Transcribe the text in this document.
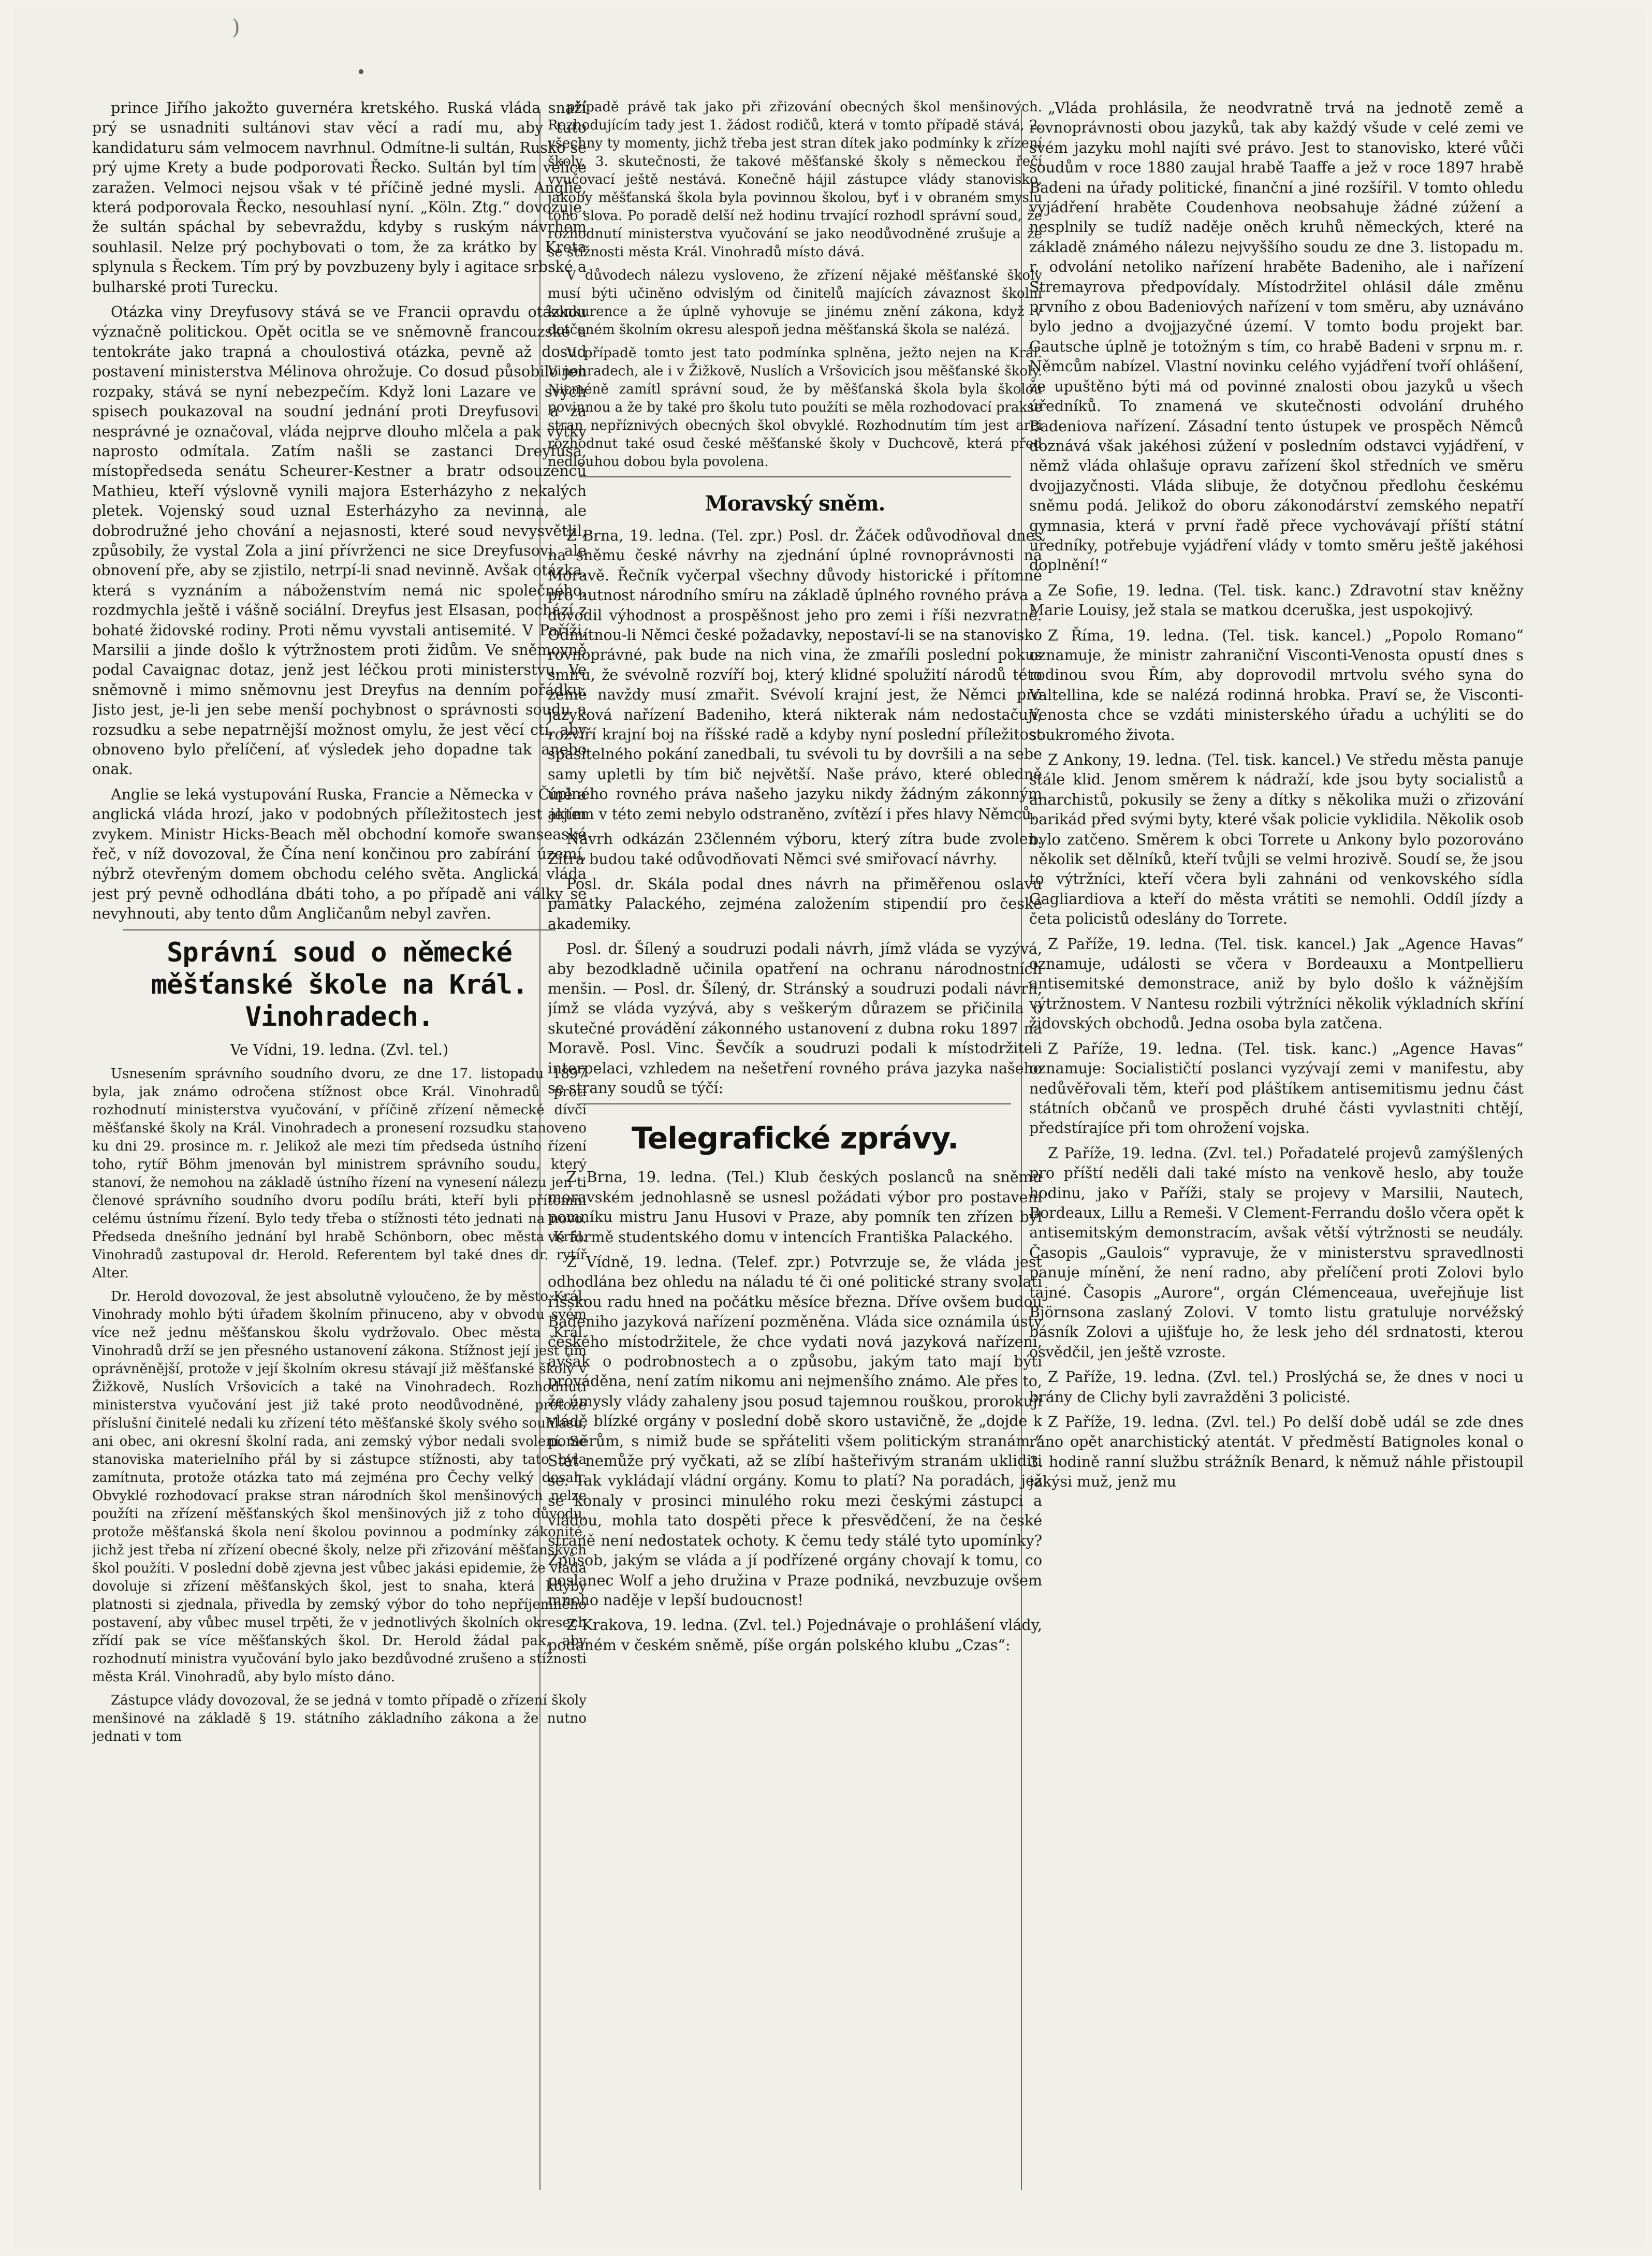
)
•

prince Jiřího jakožto guvernéra kretského. Ruská vláda snaží prý se usnadniti sultánovi stav věcí a radí mu, aby tuto kandidaturu sám velmocem navrhnul. Odmítne-li sultán, Rusko se prý ujme Krety a bude podporovati Řecko. Sultán byl tím velice zaražen. Velmoci nejsou však v té příčině jedné mysli. Anglie, která podporovala Řecko, nesouhlasí nyní. „Köln. Ztg.“ dovozuje, že sultán spáchal by sebevraždu, kdyby s ruským návrhem souhlasil. Nelze prý pochybovati o tom, že za krátko by Kreta splynula s Řeckem. Tím prý by povzbuzeny byly i agitace srbské a bulharské proti Turecku.

Otázka viny Dreyfusovy stává se ve Francii opravdu otázkou význačně politickou. Opět ocitla se ve sněmovně francouzské a tentokráte jako trapná a choulostivá otázka, pevně až dosud postavení ministerstva Mélinova ohrožuje. Co dosud působilo jen rozpaky, stává se nyní nebezpečím. Když loni Lazare ve svých spisech poukazoval na soudní jednání proti Dreyfusovi a za nesprávné je označoval, vláda nejprve dlouho mlčela a pak výtky naprosto odmítala. Zatím našli se zastanci Dreyfusa, místopředseda senátu Scheurer-Kestner a bratr odsouzenců Mathieu, kteří výslovně vynili majora Esterházyho z nekalých pletek. Vojenský soud uznal Esterházyho za nevinna, ale dobrodružné jeho chování a nejasnosti, které soud nevysvětlil, způsobily, že vystal Zola a jiní přívrženci ne sice Dreyfusovi, ale obnovení pře, aby se zjistilo, netrpí-li snad nevinně. Avšak otázka, která s vyznáním a náboženstvím nemá nic společného, rozdmychla ještě i vášně sociální. Dreyfus jest Elsasan, pochází z bohaté židovské rodiny. Proti němu vyvstali antisemité. V Paříži, Marsilii a jinde došlo k výtržnostem proti židům. Ve sněmovně podal Cavaignac dotaz, jenž jest léčkou proti ministerstvu. Ve sněmovně i mimo sněmovnu jest Dreyfus na denním pořádku. Jisto jest, je-li jen sebe menší pochybnost o správnosti soudu a rozsudku a sebe nepatrnější možnost omylu, že jest věcí ctí, aby obnoveno bylo přelíčení, ať výsledek jeho dopadne tak anebo onak.

Anglie se leká vystupování Ruska, Francie a Německa v Číně a anglická vláda hrozí, jako v podobných příležitostech jest jejím zvykem. Ministr Hicks-Beach měl obchodní komoře swanseaské řeč, v níž dovozoval, že Čína není končinou pro zabírání území, nýbrž otevřeným domem obchodu celého světa. Anglická vláda jest prý pevně odhodlána dbáti toho, a po případě ani války se nevyhnouti, aby tento dům Angličanům nebyl zavřen.

Správní soud o německé měšťanské škole na Král. Vinohradech.
Ve Vídni, 19. ledna. (Zvl. tel.)

Usnesením správního soudního dvoru, ze dne 17. listopadu 1897 byla, jak známo odročena stížnost obce Král. Vinohradů proti rozhodnutí ministerstva vyučování, v příčině zřízení německé dívčí měšťanské školy na Král. Vinohradech a pronesení rozsudku stanoveno ku dni 29. prosince m. r. Jelikož ale mezi tím předseda ústního řízení toho, rytíř Böhm jmenován byl ministrem správního soudu, který stanoví, že nemohou na základě ústního řízení na vynesení nálezu jen ti členové správního soudního dvoru podílu bráti, kteří byli přítomni celému ústnímu řízení. Bylo tedy třeba o stížnosti této jednati na novo. Předseda dnešního jednání byl hrabě Schönborn, obec města Král. Vinohradů zastupoval dr. Herold. Referentem byl také dnes dr. rytíř Alter.

Dr. Herold dovozoval, že jest absolutně vyloučeno, že by město Král. Vinohrady mohlo býti úřadem školním přinuceno, aby v obvodu svém více než jednu měšťanskou školu vydržovalo. Obec města Král. Vinohradů drží se jen přesného ustanovení zákona. Stížnost její jest tím oprávněnější, protože v její školním okresu stávají již měšťanské školy v Žižkově, Nuslích Vršovicích a také na Vinohradech. Rozhodnutí ministerstva vyučování jest již také proto neodůvodněné, protože příslušní činitelé nedali ku zřízení této měšťanské školy svého souhlasu, ani obec, ani okresní školní rada, ani zemský výbor nedali svolení. Se stanoviska materielního přál by si zástupce stížnosti, aby tato byla zamítnuta, protože otázka tato má zejména pro Čechy velký dosah. Obvyklé rozhodovací prakse stran národních škol menšinových nelze použíti na zřízení měšťanských škol menšinových již z toho důvodu, protože měšťanská škola není školou povinnou a podmínky zákonité, jichž jest třeba ní zřízení obecné školy, nelze při zřizování měšťanských škol použíti. V poslední době zjevna jest vůbec jakási epidemie, že vláda dovoluje si zřízení měšťanských škol, jest to snaha, která kdyby platnosti si zjednala, přivedla by zemský výbor do toho nepříjemného postavení, aby vůbec musel trpěti, že v jednotlivých školních okresech zřídí pak se více měšťanských škol. Dr. Herold žádal pak, aby rozhodnutí ministra vyučování bylo jako bezdůvodné zrušeno a stížnosti města Král. Vinohradů, aby bylo místo dáno.

Zástupce vlády dovozoval, že se jedná v tomto případě o zřízení školy menšinové na základě § 19. státního základního zákona a že nutno jednati v tom

případě právě tak jako při zřizování obecných škol menšinových. Rozhodujícím tady jest 1. žádost rodičů, která v tomto případě stává, 2. všechny ty momenty, jichž třeba jest stran dítek jako podmínky k zřízení školy, 3. skutečnosti, že takové měšťanské školy s německou řečí vyučovací ještě nestává. Konečně hájil zástupce vlády stanovisko, jakoby měšťanská škola byla povinnou školou, byť i v obraném smyslu toho slova. Po poradě delší než hodinu trvající rozhodl správní soud, že rozhodnutí ministerstva vyučování se jako neodůvodněné zrušuje a že se stížnosti města Král. Vinohradů místo dává.

V důvodech nálezu vysloveno, že zřízení nějaké měšťanské školy musí býti učiněno odvislým od činitelů majících závaznost školní konkurence a že úplně vyhovuje se jinému znění zákona, když v dotčeném školním okresu alespoň jedna měšťanská škola se nalézá.

V případě tomto jest tato podmínka splněna, ježto nejen na Král. Vinohradech, ale i v Žižkově, Nuslích a Vršovicích jsou měšťanské školy. Nicméně zamítl správní soud, že by měšťanská škola byla školou povinnou a že by také pro školu tuto použíti se měla rozhodovací prakse stran nepříznivých obecných škol obvyklé. Rozhodnutím tím jest arci rozhodnut také osud české měšťanské školy v Duchcově, která před nedlouhou dobou byla povolena.

Moravský sněm.

Z Brna, 19. ledna. (Tel. zpr.) Posl. dr. Žáček odůvodňoval dnes na sněmu české návrhy na zjednání úplné rovnoprávnosti na Moravě. Řečník vyčerpal všechny důvody historické i přítomné pro nutnost národního smíru na základě úplného rovného práva a dovodil výhodnost a prospěšnost jeho pro zemi i říši nezvratně. Odmítnou-li Němci české požadavky, nepostaví-li se na stanovisko rovnoprávné, pak bude na nich vina, že zmaříli poslední pokus smíru, že svévolně rozvíří boj, který klidné spolužití národů této země navždy musí zmařit. Svévolí krajní jest, že Němci pro jazyková nařízení Badeniho, která nikterak nám nedostačují, rozvíří krajní boj na říšské radě a kdyby nyní poslední příležitost spasitelného pokání zanedbali, tu svévoli tu by dovršili a na sebe samy upletli by tím bič největší. Naše právo, které obledně úplného rovného práva našeho jazyku nikdy žádným zákonným aktem v této zemi nebylo odstraněno, zvítězí i přes hlavy Němců.

Návrh odkázán 23členném výboru, který zítra bude zvolen. Zítra budou také odůvodňovati Němci své smiřovací návrhy.

Posl. dr. Skála podal dnes návrh na přiměřenou oslavu památky Palackého, zejména založením stipendií pro české akademiky.

Posl. dr. Šílený a soudruzi podali návrh, jímž vláda se vyzývá, aby bezodkladně učinila opatření na ochranu národnostních menšin. — Posl. dr. Šílený, dr. Stránský a soudruzi podali návrh, jímž se vláda vyzývá, aby s veškerým důrazem se přičinila o skutečné provádění zákonného ustanovení z dubna roku 1897 na Moravě. Posl. Vinc. Ševčík a soudruzi podali k místodržiteli interpelaci, vzhledem na nešetření rovného práva jazyka našeho se strany soudů se týčí:

Telegrafické zprávy.

Z Brna, 19. ledna. (Tel.) Klub českých poslanců na sněmu moravském jednohlasně se usnesl požádati výbor pro postavení pomníku mistru Janu Husovi v Praze, aby pomník ten zřízen byl ve formě studentského domu v intencích Františka Palackého.

Z Vídně, 19. ledna. (Telef. zpr.) Potvrzuje se, že vláda jest odhodlána bez ohledu na náladu té či oné politické strany svolati říšskou radu hned na počátku měsíce března. Dříve ovšem budou Badeniho jazyková nařízení pozměněna. Vláda sice oznámila ústy českého místodržitele, že chce vydati nová jazyková nařízení, avšak o podrobnostech a o způsobu, jakým tato mají býti prováděna, není zatím nikomu ani nejmenšího známo. Ale přes to, že úmysly vlády zahaleny jsou posud tajemnou rouškou, prorokují vládě blízké orgány v poslední době skoro ustavičně, že „dojde k pomĕrům, s nimiž bude se spřáteliti všem politickým stranám.“ Stát nemůže prý vyčkati, až se zlíbí hašteřivým stranám ukliditi se. Tak vykládají vládní orgány. Komu to platí? Na poradách, jež se konaly v prosinci minulého roku mezi českými zástupci a vládou, mohla tato dospěti přece k přesvědčení, že na české straně není nedostatek ochoty. K čemu tedy stálé tyto upomínky? Způsob, jakým se vláda a jí podřízené orgány chovají k tomu, co poslanec Wolf a jeho družina v Praze podniká, nevzbuzuje ovšem mnoho naděje v lepší budoucnost!

Z Krakova, 19. ledna. (Zvl. tel.) Pojednávaje o prohlášení vlády, podaném v českém sněmě, píše orgán polského klubu „Czas“:

„Vláda prohlásila, že neodvratně trvá na jednotě země a rovnoprávnosti obou jazyků, tak aby každý všude v celé zemi ve svém jazyku mohl najíti své právo. Jest to stanovisko, které vůči soudům v roce 1880 zaujal hrabě Taaffe a jež v roce 1897 hrabě Badeni na úřady politické, finanční a jiné rozšířil. V tomto ohledu vyjádření hraběte Coudenhova neobsahuje žádné zúžení a nesplnily se tudíž naděje oněch kruhů německých, které na základě známého nálezu nejvyššího soudu ze dne 3. listopadu m. r. odvolání netoliko nařízení hraběte Badeniho, ale i nařízení Stremayrova předpovídaly. Místodržitel ohlásil dále změnu prvního z obou Badeniových nařízení v tom směru, aby uznáváno bylo jedno a dvojjazyčné území. V tomto bodu projekt bar. Gautsche úplně je totožným s tím, co hrabě Badeni v srpnu m. r. Němcům nabízel. Vlastní novinku celého vyjádření tvoří ohlášení, že upuštěno býti má od povinné znalosti obou jazyků u všech úředníků. To znamená ve skutečnosti odvolání druhého Badeniova nařízení. Zásadní tento ústupek ve prospěch Němců doznává však jakéhosi zúžení v posledním odstavci vyjádření, v němž vláda ohlašuje opravu zařízení škol středních ve směru dvojjazyčnosti. Vláda slibuje, že dotyčnou předlohu českému sněmu podá. Jelikož do oboru zákonodárství zemského nepatří gymnasia, která v první řadě přece vychovávají příští státní úředníky, potřebuje vyjádření vlády v tomto směru ještě jakéhosi doplnění!“

Ze Sofie, 19. ledna. (Tel. tisk. kanc.) Zdravotní stav kněžny Marie Louisy, jež stala se matkou dceruška, jest uspokojivý.

Z Říma, 19. ledna. (Tel. tisk. kancel.) „Popolo Romano“ oznamuje, že ministr zahraniční Visconti-Venosta opustí dnes s rodinou svou Řím, aby doprovodil mrtvolu svého syna do Valtellina, kde se nalézá rodinná hrobka. Praví se, že Visconti-Venosta chce se vzdáti ministerského úřadu a uchýliti se do soukromého života.

Z Ankony, 19. ledna. (Tel. tisk. kancel.) Ve středu města panuje stále klid. Jenom směrem k nádraží, kde jsou byty socialistů a anarchistů, pokusily se ženy a dítky s několika muži o zřizování barikád před svými byty, které však policie vyklidila. Několik osob bylo zatčeno. Směrem k obci Torrete u Ankony bylo pozorováno několik set dělníků, kteří tvůjli se velmi hrozivě. Soudí se, že jsou to výtržníci, kteří včera byli zahnáni od venkovského sídla Gagliardiova a kteří do města vrátiti se nemohli. Oddíl jízdy a četa policistů odeslány do Torrete.

Z Paříže, 19. ledna. (Tel. tisk. kancel.) Jak „Agence Havas“ oznamuje, události se včera v Bordeauxu a Montpellieru antisemitské demonstrace, aniž by bylo došlo k vážnějším výtržnostem. V Nantesu rozbili výtržníci několik výkladních skříní židovských obchodů. Jedna osoba byla zatčena.

Z Paříže, 19. ledna. (Tel. tisk. kanc.) „Agence Havas“ oznamuje: Socialističtí poslanci vyzývají zemi v manifestu, aby nedůvěřovali těm, kteří pod pláštíkem antisemitismu jednu část státních občanů ve prospěch druhé části vyvlastniti chtějí, předstírajíce při tom ohrožení vojska.

Z Paříže, 19. ledna. (Zvl. tel.) Pořadatelé projevů zamýšlených pro příští neděli dali také místo na venkově heslo, aby touže hodinu, jako v Paříži, staly se projevy v Marsilii, Nautech, Bordeaux, Lillu a Remeši. V Clement-Ferrandu došlo včera opět k antisemitským demonstracím, avšak větší výtržnosti se neudály. Časopis „Gaulois“ vypravuje, že v ministerstvu spravedlnosti panuje mínění, že není radno, aby přelíčení proti Zolovi bylo tajné. Časopis „Aurore“, orgán Clémenceaua, uveřejňuje list Björnsona zaslaný Zolovi. V tomto listu gratuluje norvéžský básník Zolovi a ujišťuje ho, že lesk jeho dél srdnatosti, kterou osvědčil, jen ještě vzroste.

Z Paříže, 19. ledna. (Zvl. tel.) Proslýchá se, že dnes v noci u brány de Clichy byli zavražděni 3 policisté.

Z Paříže, 19. ledna. (Zvl. tel.) Po delší době udál se zde dnes ráno opět anarchistický atentát. V předměstí Batignoles konal o 3. hodině ranní službu strážník Benard, k němuž náhle přistoupil jakýsi muž, jenž mu
